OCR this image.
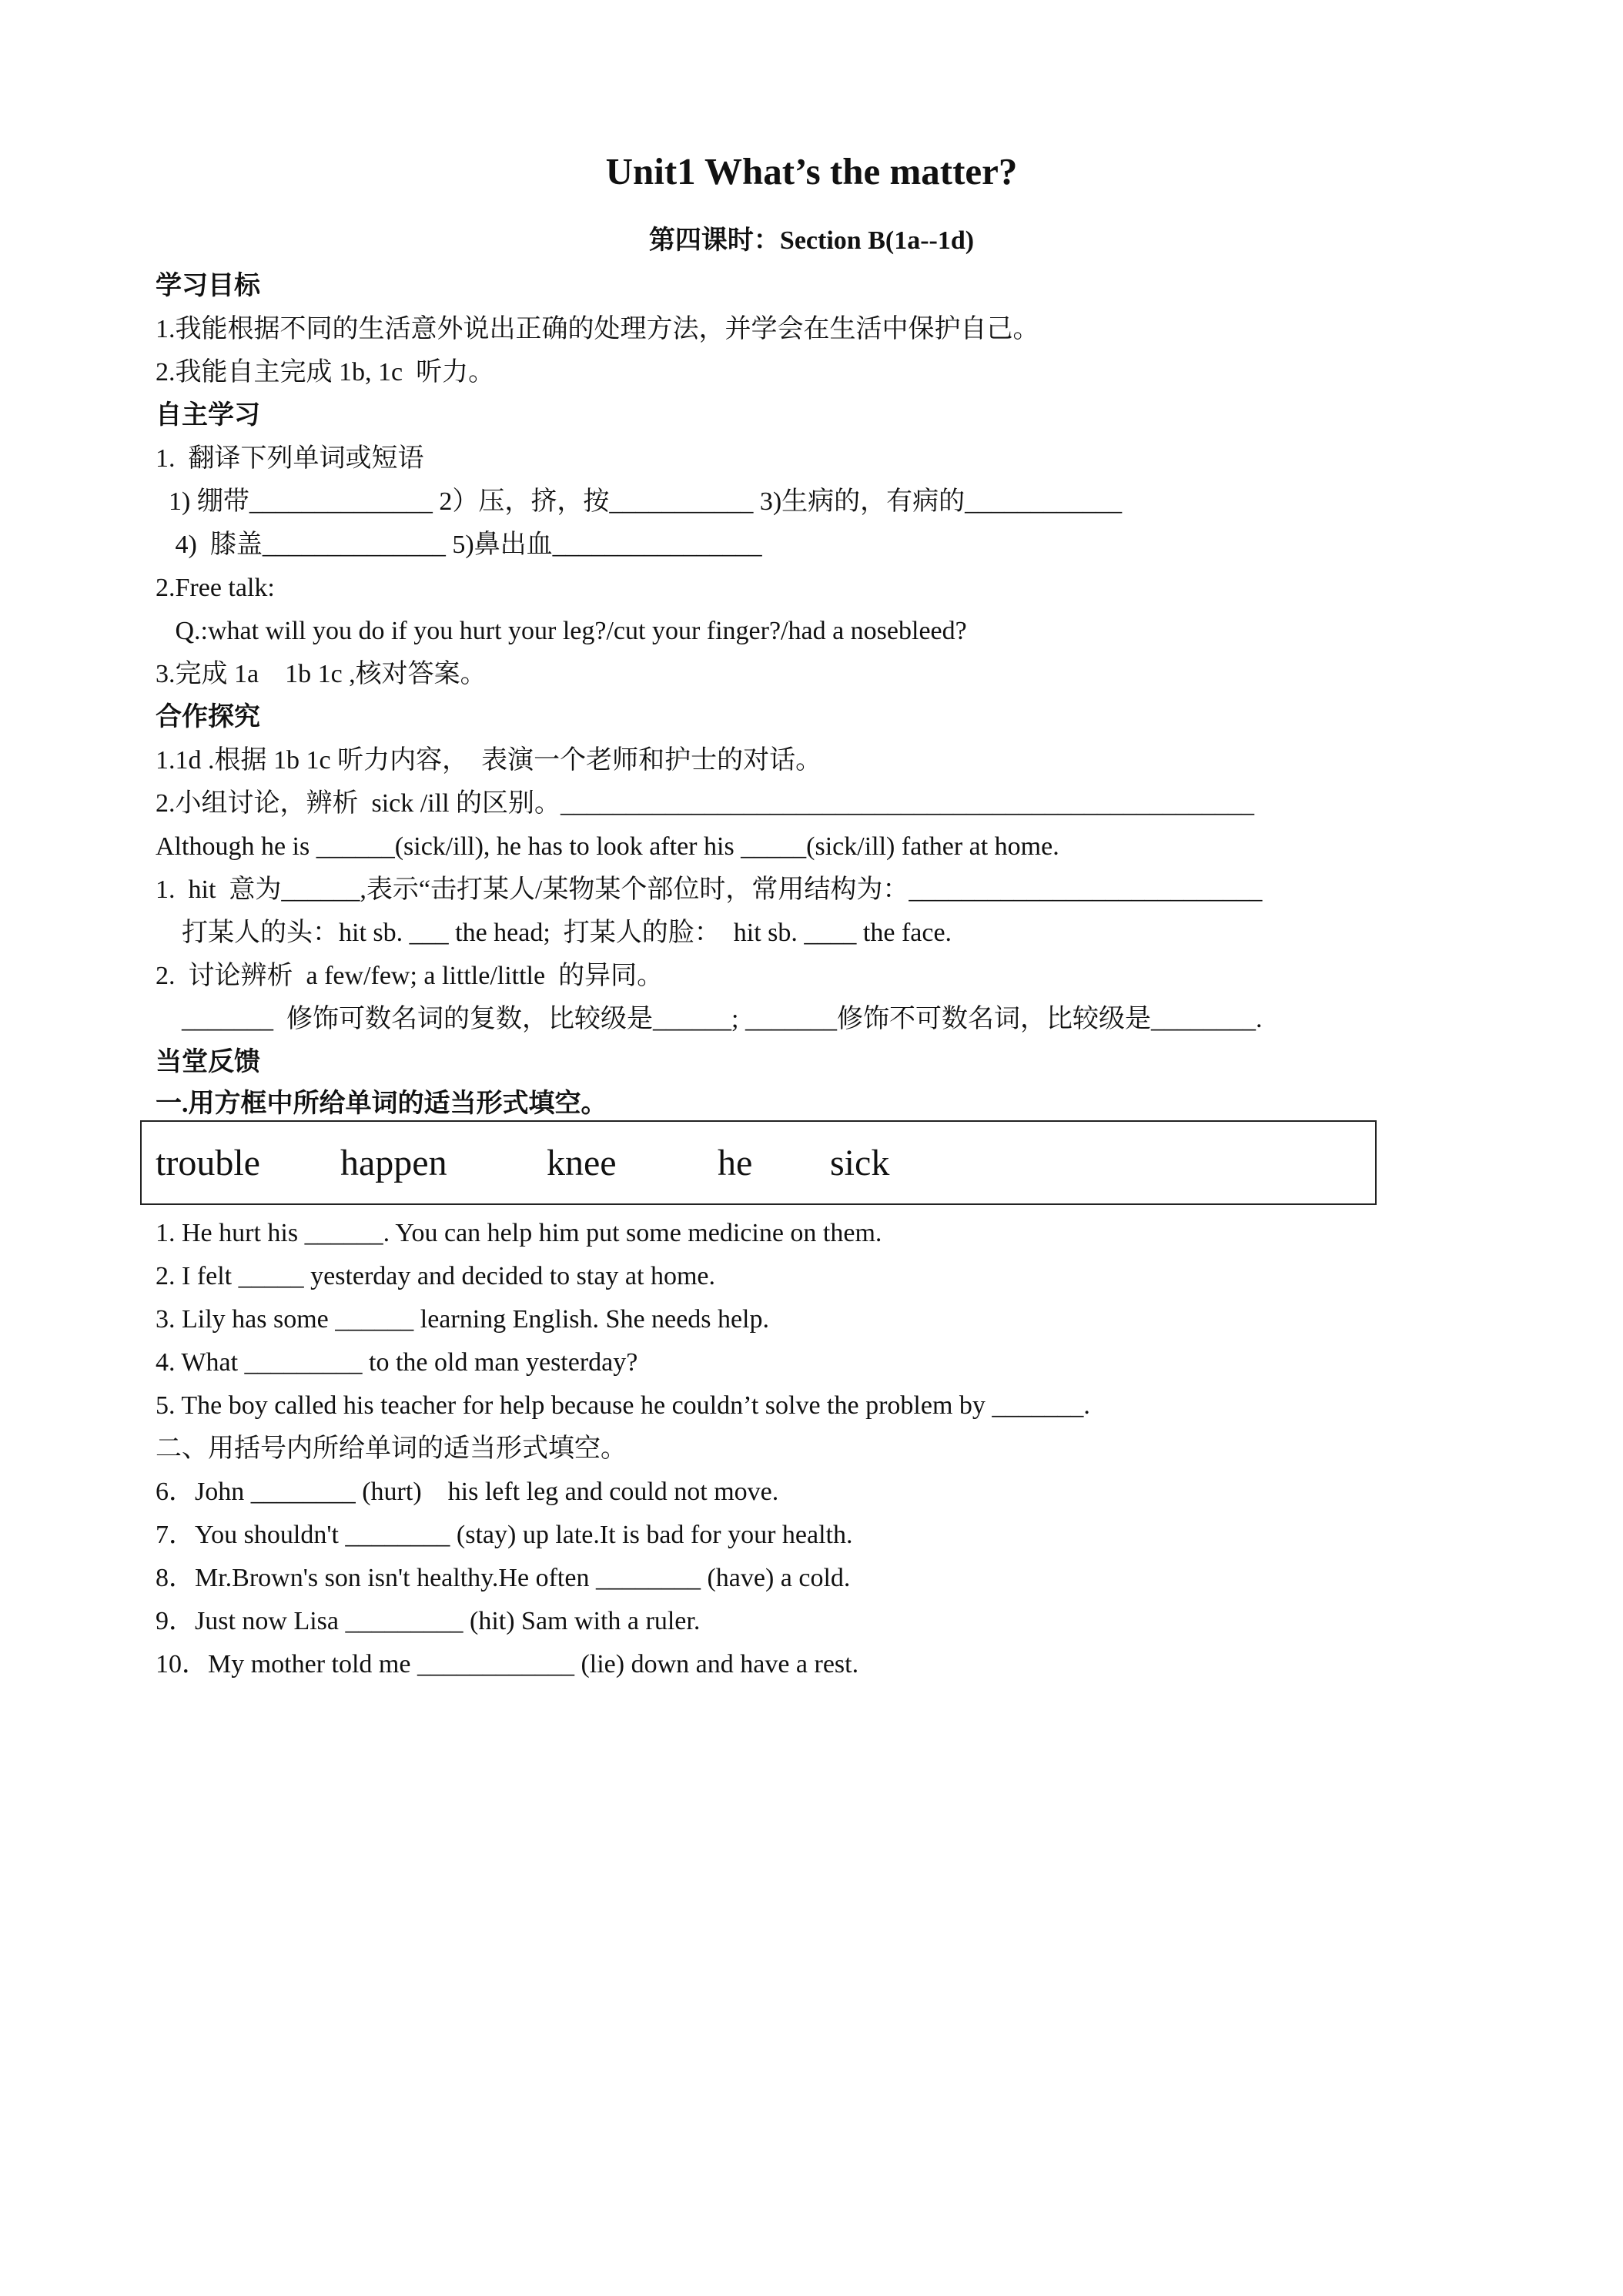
Unit1 What’s the matter?
第四课时：Section B(1a--1d)
学习目标
1.我能根据不同的生活意外说出正确的处理方法，并学会在生活中保护自己。
2.我能自主完成 1b, 1c  听力。
自主学习
1.  翻译下列单词或短语
1) 绷带______________ 2）压，挤，按___________ 3)生病的，有病的____________
4)  膝盖______________ 5)鼻出血________________
2.Free talk:
Q.:what will you do if you hurt your leg?/cut your finger?/had a nosebleed?
3.完成 1a    1b 1c ,核对答案。
合作探究
1.1d .根据 1b 1c 听力内容，  表演一个老师和护士的对话。
2.小组讨论，辨析  sick /ill 的区别。_____________________________________________________
Although he is ______(sick/ill), he has to look after his _____(sick/ill) father at home.
1.  hit  意为______,表示“击打某人/某物某个部位时，常用结构为：___________________________
打某人的头：hit sb. ___ the head;  打某人的脸：  hit sb. ____ the face.
2.  讨论辨析  a few/few; a little/little  的异同。
_______  修饰可数名词的复数，比较级是______; _______修饰不可数名词，比较级是________.
当堂反馈
一.用方框中所给单词的适当形式填空。
trouble happen	knee	he sick
1. He hurt his ______. You can help him put some medicine on them.
2. I felt _____ yesterday and decided to stay at home.
3. Lily has some ______ learning English. She needs help.
4. What _________ to the old man yesterday?
5. The boy called his teacher for help because he couldn’t solve the problem by _______.
二、用括号内所给单词的适当形式填空。
6．John ________ (hurt)    his left leg and could not move.
7．You shouldn't ________ (stay) up late.It is bad for your health.
8．Mr.Brown's son isn't healthy.He often ________ (have) a cold.
9．Just now Lisa _________ (hit) Sam with a ruler.
10．My mother told me ____________ (lie) down and have a rest.
